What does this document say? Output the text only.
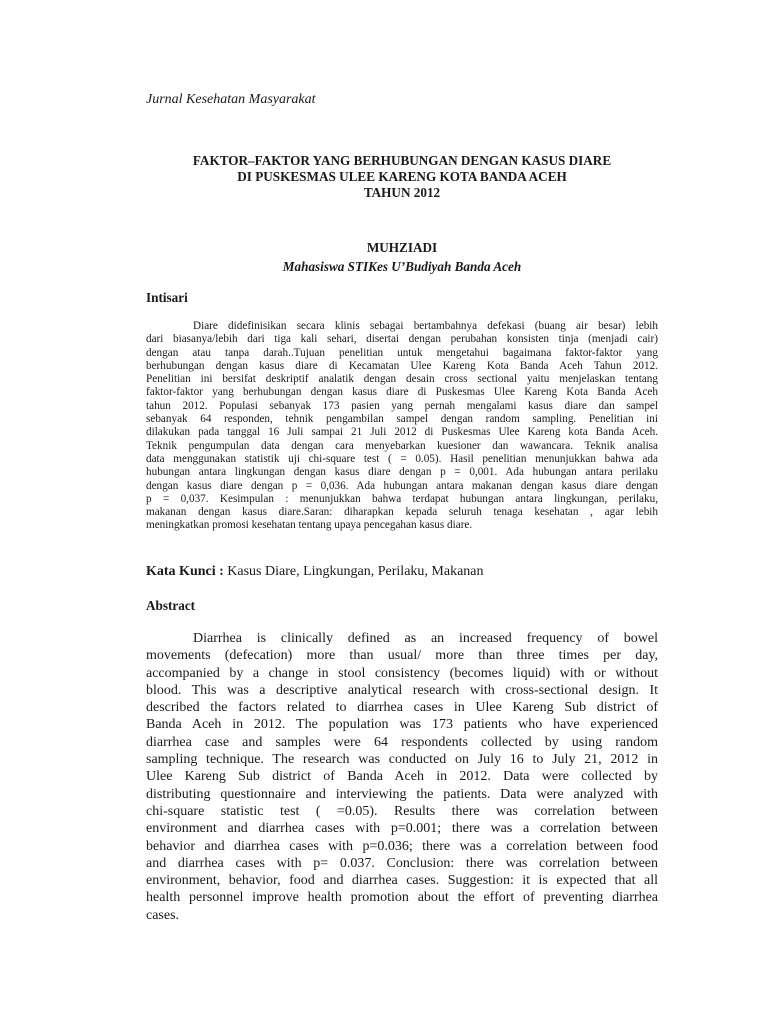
Jurnal Kesehatan Masyarakat
FAKTOR–FAKTOR YANG BERHUBUNGAN DENGAN KASUS DIARE
DI PUSKESMAS ULEE KARENG KOTA BANDA ACEH
TAHUN 2012
MUHZIADI
Mahasiswa STIKes U’Budiyah Banda Aceh
Intisari
Diare didefinisikan secara klinis sebagai bertambahnya defekasi (buang air besar) lebih
dari biasanya/lebih dari tiga kali sehari, disertai dengan perubahan konsisten tinja (menjadi cair)
dengan atau tanpa darah..Tujuan penelitian untuk mengetahui bagaimana faktor-faktor yang
berhubungan dengan kasus diare di Kecamatan Ulee Kareng Kota Banda Aceh Tahun 2012.
Penelitian ini bersifat deskriptif analatik dengan desain cross sectional yaitu menjelaskan tentang
faktor-faktor yang berhubungan dengan kasus diare di Puskesmas Ulee Kareng Kota Banda Aceh
tahun 2012. Populasi sebanyak 173 pasien yang pernah mengalami kasus diare dan sampel
sebanyak 64 responden, tehnik pengambilan sampel dengan random sampling. Penelitian ini
dilakukan pada tanggal 16 Juli sampai 21 Juli 2012 di Puskesmas Ulee Kareng kota Banda Aceh.
Teknik pengumpulan data dengan cara menyebarkan kuesioner dan wawancara. Teknik analisa
data menggunakan statistik uji chi-square test ( = 0.05). Hasil penelitian menunjukkan bahwa ada
hubungan antara lingkungan dengan kasus diare dengan p = 0,001. Ada hubungan antara perilaku
dengan kasus diare dengan p = 0,036. Ada hubungan antara makanan dengan kasus diare dengan
p = 0,037. Kesimpulan : menunjukkan bahwa terdapat hubungan antara lingkungan, perilaku,
makanan dengan kasus diare.Saran: diharapkan kepada seluruh tenaga kesehatan , agar lebih
meningkatkan promosi kesehatan tentang upaya pencegahan kasus diare.
Kata Kunci : Kasus Diare, Lingkungan, Perilaku, Makanan
Abstract
Diarrhea is clinically defined as an increased frequency of bowel
movements (defecation) more than usual/ more than three times per day,
accompanied by a change in stool consistency (becomes liquid) with or without
blood. This was a descriptive analytical research with cross-sectional design. It
described the factors related to diarrhea cases in Ulee Kareng Sub district of
Banda Aceh in 2012. The population was 173 patients who have experienced
diarrhea case and samples were 64 respondents collected by using random
sampling technique. The research was conducted on July 16 to July 21, 2012 in
Ulee Kareng Sub district of Banda Aceh in 2012. Data were collected by
distributing questionnaire and interviewing the patients. Data were analyzed with
chi-square statistic test ( =0.05). Results there was correlation between
environment and diarrhea cases with p=0.001; there was a correlation between
behavior and diarrhea cases with p=0.036; there was a correlation between food
and diarrhea cases with p= 0.037. Conclusion: there was correlation between
environment, behavior, food and diarrhea cases. Suggestion: it is expected that all
health personnel improve health promotion about the effort of preventing diarrhea
cases.
